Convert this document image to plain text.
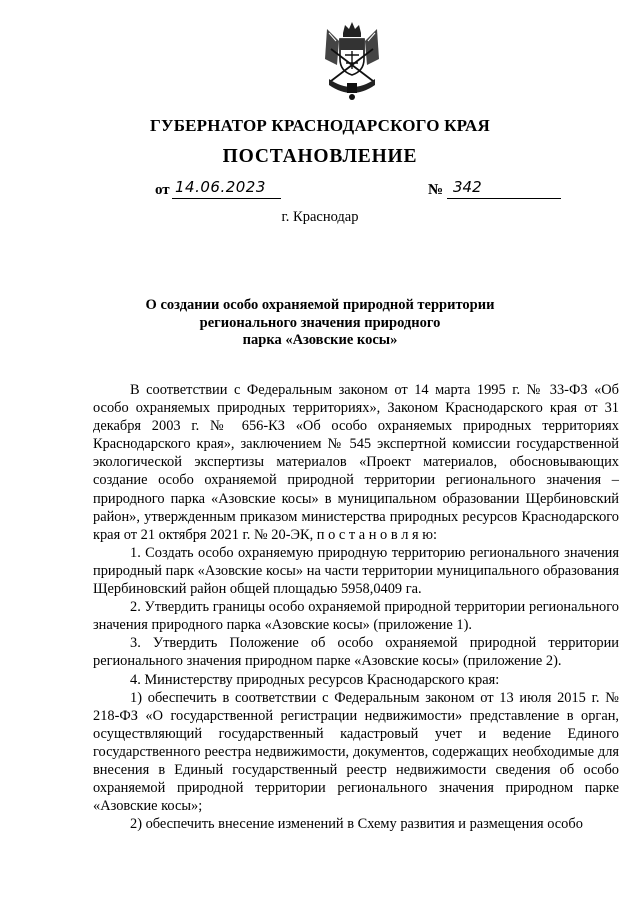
ГУБЕРНАТОР КРАСНОДАРСКОГО КРАЯ
ПОСТАНОВЛЕНИЕ
от 14.06.2023	№ 342
г. Краснодар
О создании особо охраняемой природной территории
регионального значения природного
парка «Азовские косы»

В соответствии с Федеральным законом от 14 марта 1995 г. № 33-ФЗ «Об особо охраняемых природных территориях», Законом Краснодарского края от 31 декабря 2003 г. № 656-КЗ «Об особо охраняемых природных территориях Краснодарского края», заключением № 545 экспертной комиссии государственной экологической экспертизы материалов «Проект материалов, обосновывающих создание особо охраняемой природной территории регионального значения – природного парка «Азовские косы» в муниципальном образовании Щербиновский район», утвержденным приказом министерства природных ресурсов Краснодарского края от 21 октября 2021 г. № 20-ЭК, п о с т а н о в л я ю:

1. Создать особо охраняемую природную территорию регионального значения природный парк «Азовские косы» на части территории муниципального образования Щербиновский район общей площадью 5958,0409 га.

2. Утвердить границы особо охраняемой природной территории регионального значения природного парка «Азовские косы» (приложение 1).

3. Утвердить Положение об особо охраняемой природной территории регионального значения природном парке «Азовские косы» (приложение 2).

4. Министерству природных ресурсов Краснодарского края:

1) обеспечить в соответствии с Федеральным законом от 13 июля 2015 г. № 218-ФЗ «О государственной регистрации недвижимости» представление в орган, осуществляющий государственный кадастровый учет и ведение Единого государственного реестра недвижимости, документов, содержащих необходимые для внесения в Единый государственный реестр недвижимости сведения об особо охраняемой природной территории регионального значения природном парке «Азовские косы»;

2) обеспечить внесение изменений в Схему развития и размещения особо
